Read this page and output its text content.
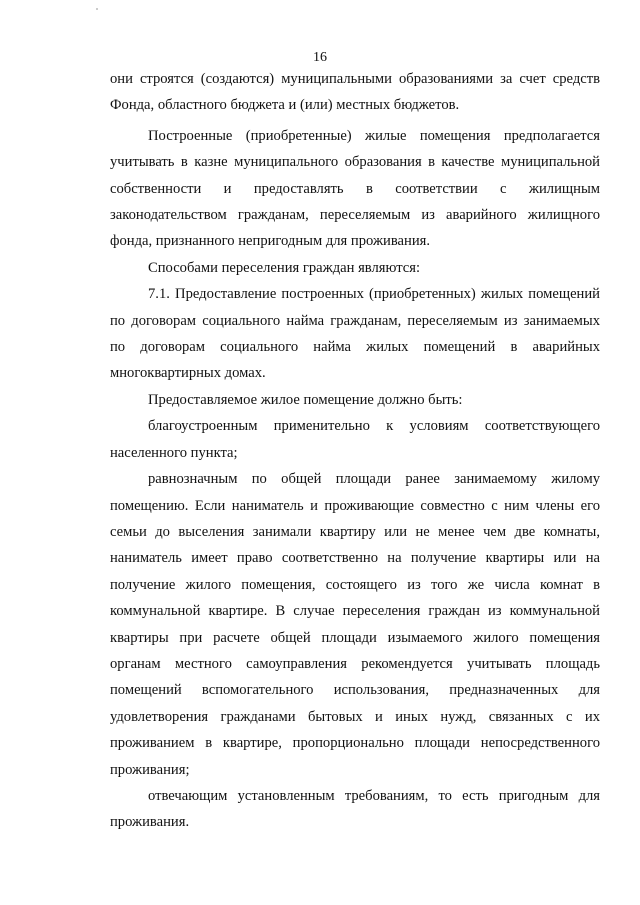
16

они строятся (создаются) муниципальными образованиями за счет средств Фонда, областного бюджета и (или) местных бюджетов.

Построенные (приобретенные) жилые помещения предполагается учитывать в казне муниципального образования в качестве муниципальной собственности и предоставлять в соответствии с жилищным законодательством гражданам, переселяемым из аварийного жилищного фонда, признанного непригодным для проживания.

Способами переселения граждан являются:

7.1. Предоставление построенных (приобретенных) жилых помещений по договорам социального найма гражданам, переселяемым из занимаемых по договорам социального найма жилых помещений в аварийных многоквартирных домах.

Предоставляемое жилое помещение должно быть:

благоустроенным применительно к условиям соответствующего населенного пункта;

равнозначным по общей площади ранее занимаемому жилому помещению. Если наниматель и проживающие совместно с ним члены его семьи до выселения занимали квартиру или не менее чем две комнаты, наниматель имеет право соответственно на получение квартиры или на получение жилого помещения, состоящего из того же числа комнат в коммунальной квартире. В случае переселения граждан из коммунальной квартиры при расчете общей площади изымаемого жилого помещения органам местного самоуправления рекомендуется учитывать площадь помещений вспомогательного использования, предназначенных для удовлетворения гражданами бытовых и иных нужд, связанных с их проживанием в квартире, пропорционально площади непосредственного проживания;

отвечающим установленным требованиям, то есть пригодным для проживания.
